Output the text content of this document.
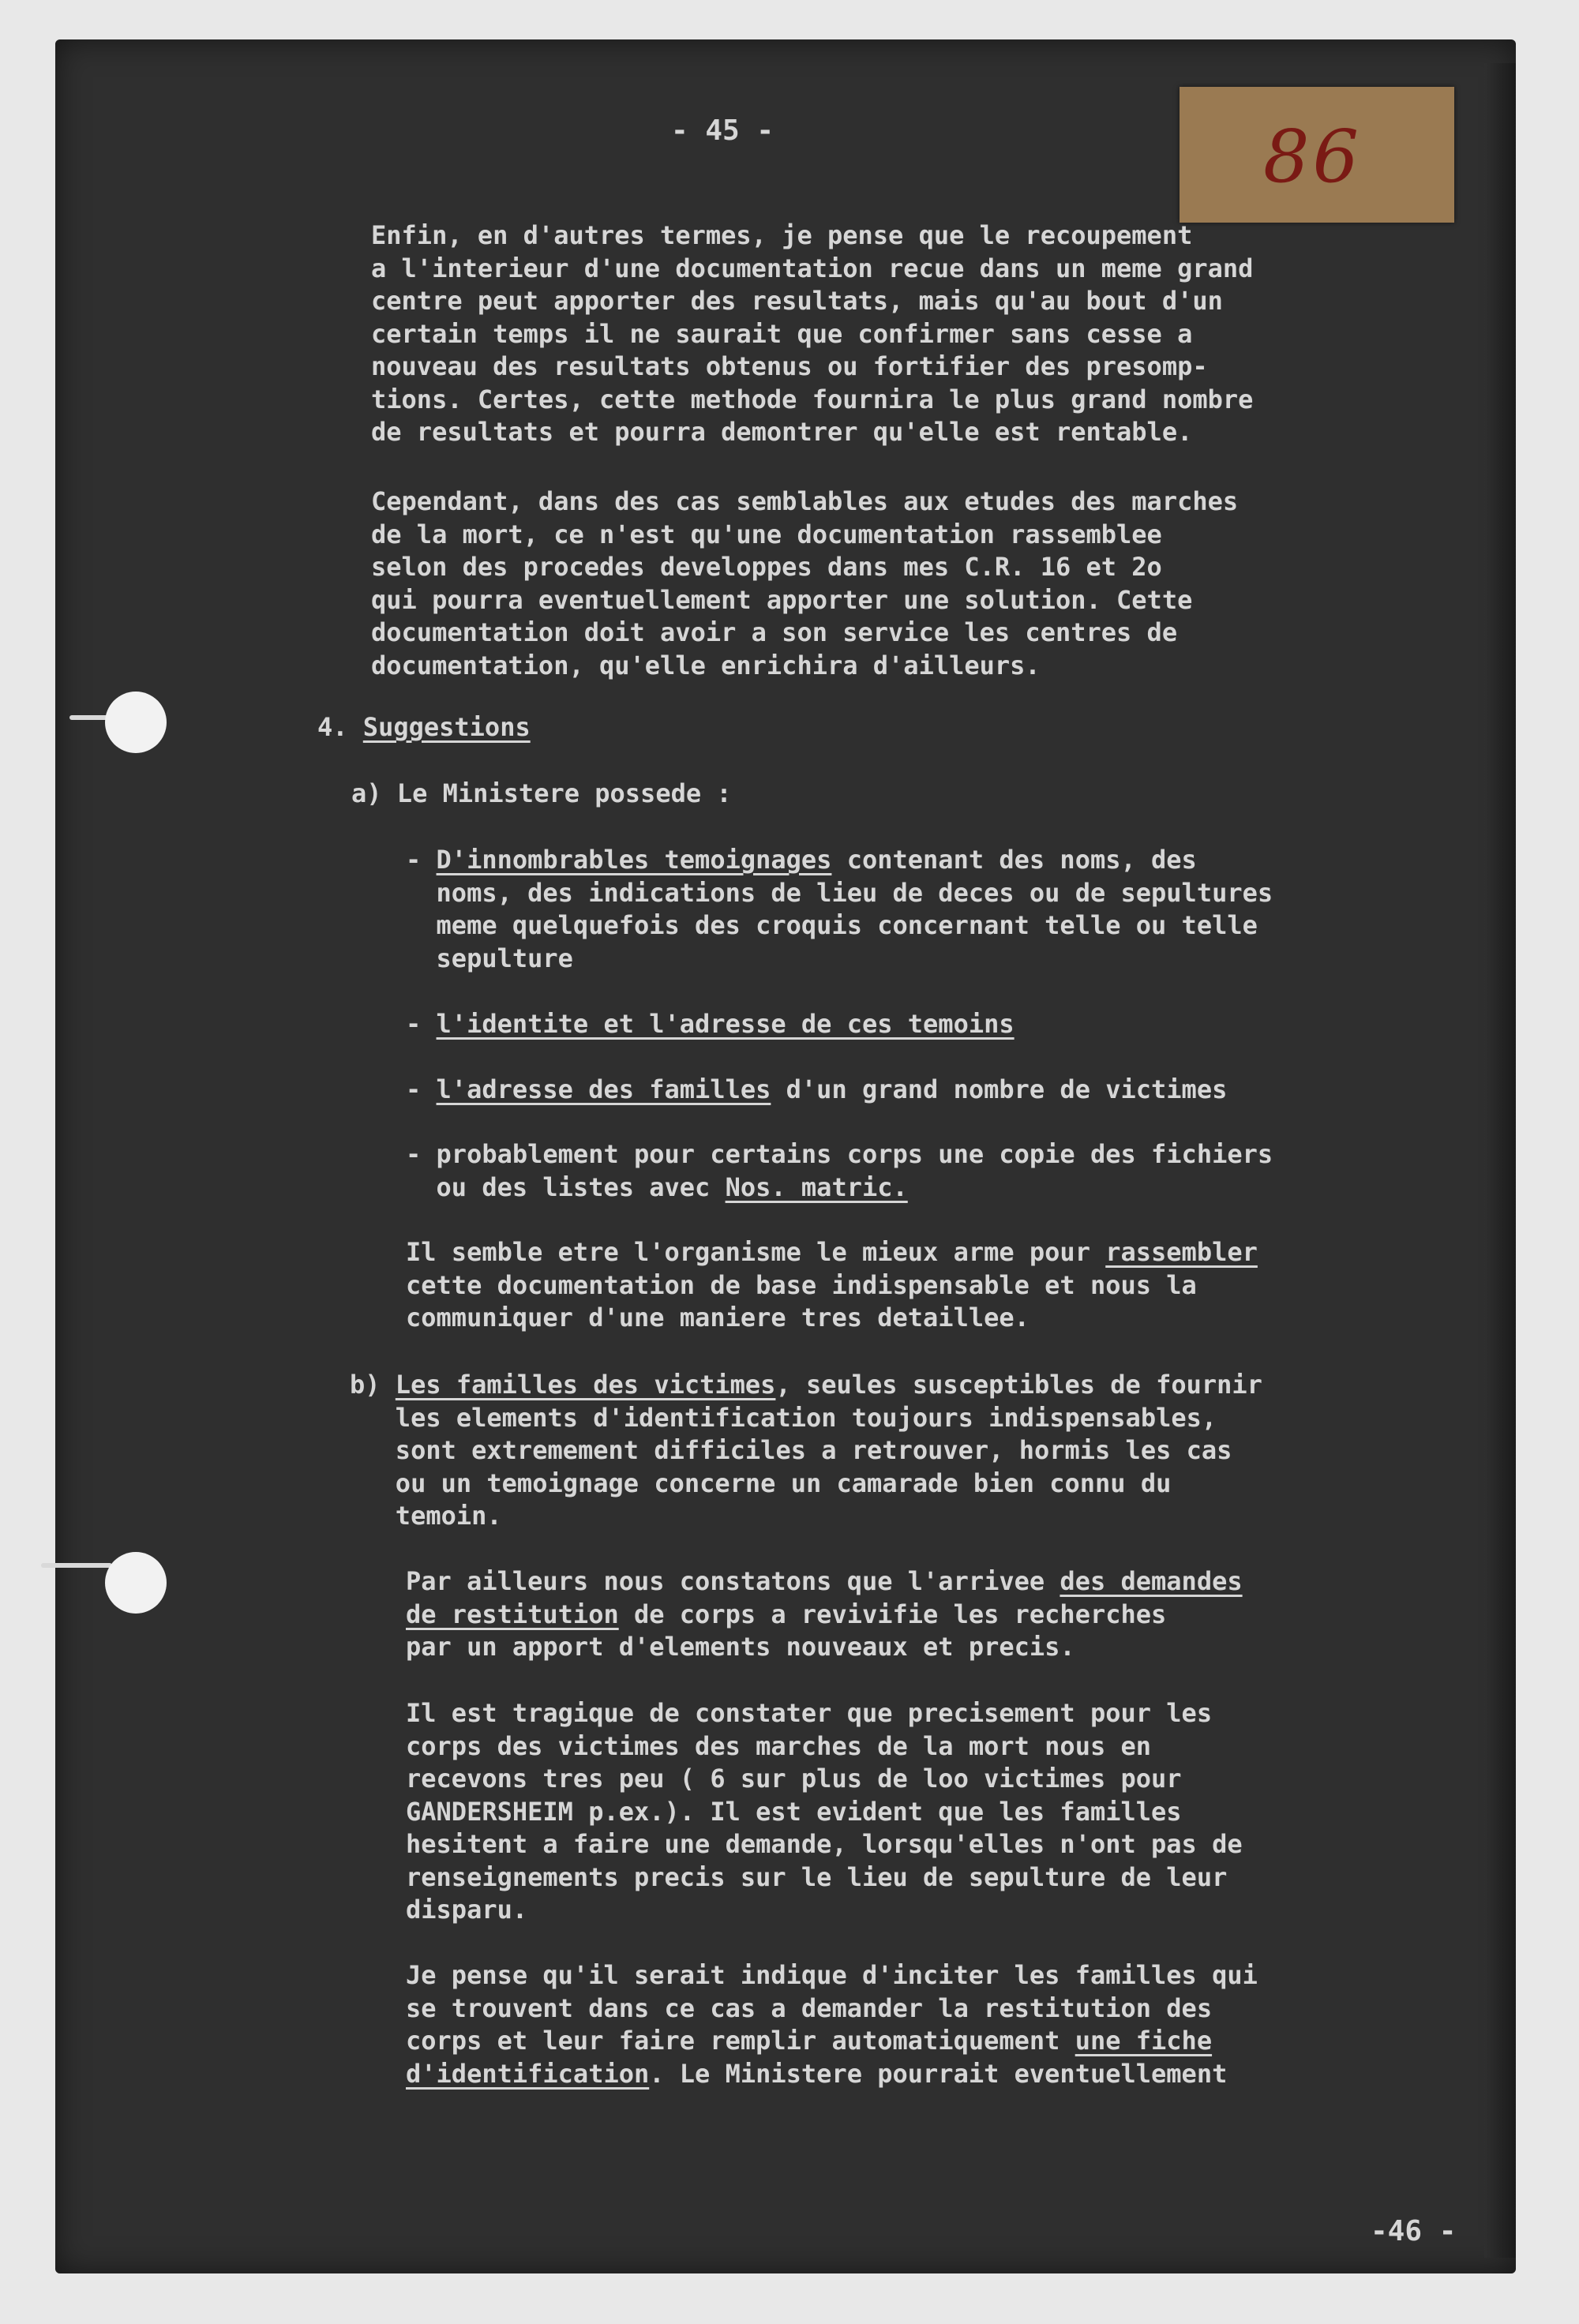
86
- 45 -
Enfin, en d'autres termes, je pense que le recoupement
a l'interieur d'une documentation recue dans un meme grand
centre peut apporter des resultats, mais qu'au bout d'un
certain temps il ne saurait que confirmer sans cesse a
nouveau des resultats obtenus ou fortifier des presomp-
tions. Certes, cette methode fournira le plus grand nombre
de resultats et pourra demontrer qu'elle est rentable.
Cependant, dans des cas semblables aux etudes des marches
de la mort, ce n'est qu'une documentation rassemblee
selon des procedes developpes dans mes C.R. 16 et 2o
qui pourra eventuellement apporter une solution. Cette
documentation doit avoir a son service les centres de
documentation, qu'elle enrichira d'ailleurs.
4. Suggestions
a) Le Ministere possede :
- D'innombrables temoignages contenant des noms, des
noms, des indications de lieu de deces ou de sepultures
meme quelquefois des croquis concernant telle ou telle
sepulture
- l'identite et l'adresse de ces temoins
- l'adresse des familles d'un grand nombre de victimes
- probablement pour certains corps une copie des fichiers
ou des listes avec Nos. matric.
Il semble etre l'organisme le mieux arme pour rassembler
cette documentation de base indispensable et nous la
communiquer d'une maniere tres detaillee.
b) Les familles des victimes, seules susceptibles de fournir
les elements d'identification toujours indispensables,
sont extremement difficiles a retrouver, hormis les cas
ou un temoignage concerne un camarade bien connu du
temoin.
Par ailleurs nous constatons que l'arrivee des demandes
de restitution de corps a revivifie les recherches
par un apport d'elements nouveaux et precis.
Il est tragique de constater que precisement pour les
corps des victimes des marches de la mort nous en
recevons tres peu ( 6 sur plus de loo victimes pour
GANDERSHEIM p.ex.). Il est evident que les familles
hesitent a faire une demande, lorsqu'elles n'ont pas de
renseignements precis sur le lieu de sepulture de leur
disparu.
Je pense qu'il serait indique d'inciter les familles qui
se trouvent dans ce cas a demander la restitution des
corps et leur faire remplir automatiquement une fiche
d'identification. Le Ministere pourrait eventuellement
-46 -
